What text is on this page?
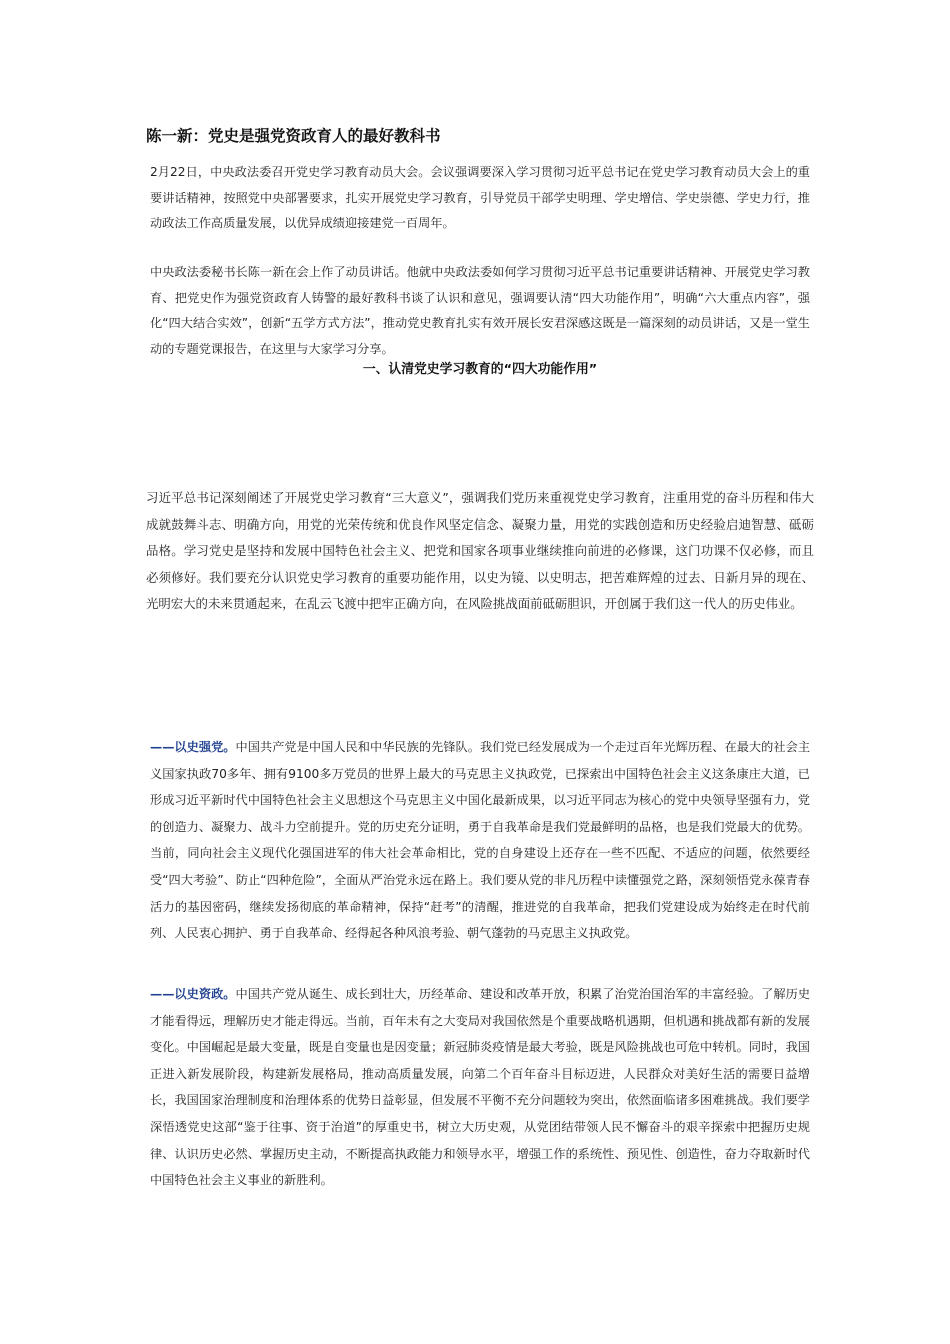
陈一新：党史是强党资政育人的最好教科书

2月22日，中央政法委召开党史学习教育动员大会。会议强调要深入学习贯彻习近平总书记在党史学习教育动员大会上的重要讲话精神，按照党中央部署要求，扎实开展党史学习教育，引导党员干部学史明理、学史增信、学史崇德、学史力行，推动政法工作高质量发展，以优异成绩迎接建党一百周年。

中央政法委秘书长陈一新在会上作了动员讲话。他就中央政法委如何学习贯彻习近平总书记重要讲话精神、开展党史学习教育、把党史作为强党资政育人铸警的最好教科书谈了认识和意见，强调要认清“四大功能作用”，明确“六大重点内容”，强化“四大结合实效”，创新“五学方式方法”，推动党史教育扎实有效开展长安君深感这既是一篇深刻的动员讲话，又是一堂生动的专题党课报告，在这里与大家学习分享。

一、认清党史学习教育的“四大功能作用”

习近平总书记深刻阐述了开展党史学习教育“三大意义”，强调我们党历来重视党史学习教育，注重用党的奋斗历程和伟大成就鼓舞斗志、明确方向，用党的光荣传统和优良作风坚定信念、凝聚力量，用党的实践创造和历史经验启迪智慧、砥砺品格。学习党史是坚持和发展中国特色社会主义、把党和国家各项事业继续推向前进的必修课，这门功课不仅必修，而且必须修好。我们要充分认识党史学习教育的重要功能作用，以史为镜、以史明志，把苦难辉煌的过去、日新月异的现在、光明宏大的未来贯通起来，在乱云飞渡中把牢正确方向，在风险挑战面前砥砺胆识，开创属于我们这一代人的历史伟业。

——以史强党。中国共产党是中国人民和中华民族的先锋队。我们党已经发展成为一个走过百年光辉历程、在最大的社会主义国家执政70多年、拥有9100多万党员的世界上最大的马克思主义执政党，已探索出中国特色社会主义这条康庄大道，已形成习近平新时代中国特色社会主义思想这个马克思主义中国化最新成果，以习近平同志为核心的党中央领导坚强有力，党的创造力、凝聚力、战斗力空前提升。党的历史充分证明，勇于自我革命是我们党最鲜明的品格，也是我们党最大的优势。当前，同向社会主义现代化强国进军的伟大社会革命相比，党的自身建设上还存在一些不匹配、不适应的问题，依然要经受“四大考验”、防止“四种危险”，全面从严治党永远在路上。我们要从党的非凡历程中读懂强党之路，深刻领悟党永葆青春活力的基因密码，继续发扬彻底的革命精神，保持“赶考”的清醒，推进党的自我革命，把我们党建设成为始终走在时代前列、人民衷心拥护、勇于自我革命、经得起各种风浪考验、朝气蓬勃的马克思主义执政党。

——以史资政。中国共产党从诞生、成长到壮大，历经革命、建设和改革开放，积累了治党治国治军的丰富经验。了解历史才能看得远，理解历史才能走得远。当前，百年未有之大变局对我国依然是个重要战略机遇期，但机遇和挑战都有新的发展变化。中国崛起是最大变量，既是自变量也是因变量；新冠肺炎疫情是最大考验，既是风险挑战也可危中转机。同时，我国正进入新发展阶段，构建新发展格局，推动高质量发展，向第二个百年奋斗目标迈进，人民群众对美好生活的需要日益增长，我国国家治理制度和治理体系的优势日益彰显，但发展不平衡不充分问题较为突出，依然面临诸多困难挑战。我们要学深悟透党史这部“鉴于往事、资于治道”的厚重史书，树立大历史观，从党团结带领人民不懈奋斗的艰辛探索中把握历史规律、认识历史必然、掌握历史主动，不断提高执政能力和领导水平，增强工作的系统性、预见性、创造性，奋力夺取新时代中国特色社会主义事业的新胜利。
